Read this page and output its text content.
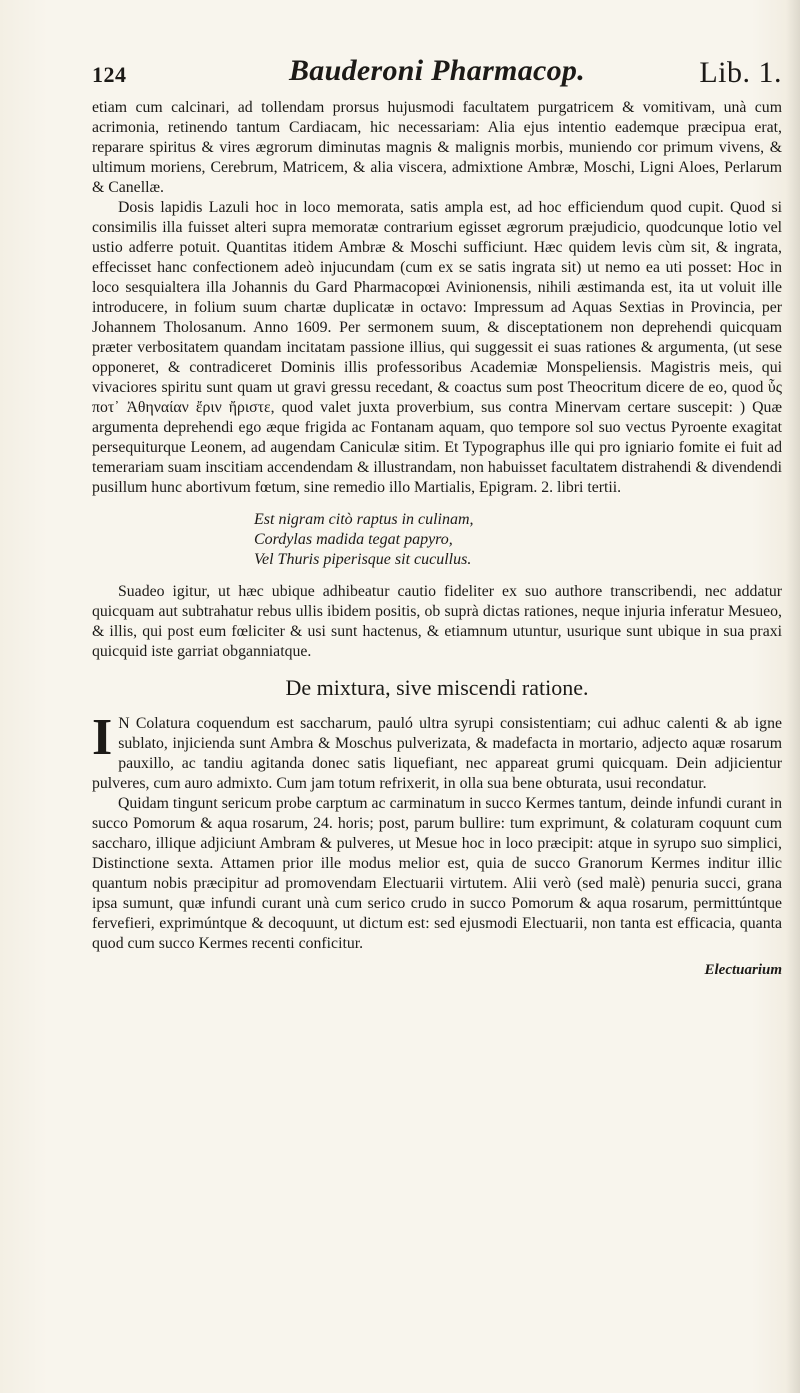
124	Bauderoni Pharmacop.	Lib. 1.

etiam cum calcinari, ad tollendam prorsus hujusmodi facultatem purgatricem & vomitivam, unà cum acrimonia, retinendo tantum Cardiacam, hic necessariam: Alia ejus intentio eademque præcipua erat, reparare spiritus & vires ægrorum diminutas magnis & malignis morbis, muniendo cor primum vivens, & ultimum moriens, Cerebrum, Matricem, & alia viscera, admixtione Ambræ, Moschi, Ligni Aloes, Perlarum & Canellæ.

Dosis lapidis Lazuli hoc in loco memorata, satis ampla est, ad hoc efficiendum quod cupit. Quod si consimilis illa fuisset alteri supra memoratæ contrarium egisset ægrorum præjudicio, quodcunque lotio vel ustio adferre potuit. Quantitas itidem Ambræ & Moschi sufficiunt. Hæc quidem levis cùm sit, & ingrata, effecisset hanc confectionem adeò injucundam (cum ex se satis ingrata sit) ut nemo ea uti posset: Hoc in loco sesquialtera illa Johannis du Gard Pharmacopœi Avinionensis, nihili æstimanda est, ita ut voluit ille introducere, in folium suum chartæ duplicatæ in octavo: Impressum ad Aquas Sextias in Provincia, per Johannem Tholosanum. Anno 1609. Per sermonem suum, & disceptationem non deprehendi quicquam præter verbositatem quandam incitatam passione illius, qui suggessit ei suas rationes & argumenta, (ut sese opponeret, & contradiceret Dominis illis professoribus Academiæ Monspeliensis. Magistris meis, qui vivaciores spiritu sunt quam ut gravi gressu recedant, & coactus sum post Theocritum dicere de eo, quod ὗς ποτ᾽ Ἀθηναίαν ἔριν ἤριστε, quod valet juxta proverbium, sus contra Minervam certare suscepit: ) Quæ argumenta deprehendi ego æque frigida ac Fontanam aquam, quo tempore sol suo vectus Pyroente exagitat persequiturque Leonem, ad augendam Caniculæ sitim. Et Typographus ille qui pro igniario fomite ei fuit ad temerariam suam inscitiam accendendam & illustrandam, non habuisset facultatem distrahendi & divendendi pusillum hunc abortivum fœtum, sine remedio illo Martialis, Epigram. 2. libri tertii.

Est nigram citò raptus in culinam,
Cordylas madida tegat papyro,
Vel Thuris piperisque sit cucullus.

Suadeo igitur, ut hæc ubique adhibeatur cautio fideliter ex suo authore transcribendi, nec addatur quicquam aut subtrahatur rebus ullis ibidem positis, ob suprà dictas rationes, neque injuria inferatur Mesueo, & illis, qui post eum fœliciter & usi sunt hactenus, & etiamnum utuntur, usurique sunt ubique in sua praxi quicquid iste garriat obganniatque.

De mixtura, sive miscendi ratione.

I N Colatura coquendum est saccharum, pauló ultra syrupi consistentiam; cui adhuc calenti & ab igne sublato, injicienda sunt Ambra & Moschus pulverizata, & madefacta in mortario, adjecto aquæ rosarum pauxillo, ac tandiu agitanda donec satis liquefiant, nec appareat grumi quicquam. Dein adjicientur pulveres, cum auro admixto. Cum jam totum refrixerit, in olla sua bene obturata, usui recondatur.

Quidam tingunt sericum probe carptum ac carminatum in succo Kermes tantum, deinde infundi curant in succo Pomorum & aqua rosarum, 24. horis; post, parum bullire: tum exprimunt, & colaturam coquunt cum saccharo, illique adjiciunt Ambram & pulveres, ut Mesue hoc in loco præcipit: atque in syrupo suo simplici, Distinctione sexta. Attamen prior ille modus melior est, quia de succo Granorum Kermes inditur illic quantum nobis præcipitur ad promovendam Electuarii virtutem. Alii verò (sed malè) penuria succi, grana ipsa sumunt, quæ infundi curant unà cum serico crudo in succo Pomorum & aqua rosarum, permittúntque fervefieri, exprimúntque & decoquunt, ut dictum est: sed ejusmodi Electuarii, non tanta est efficacia, quanta quod cum succo Kermes recenti conficitur.

Electuarium
